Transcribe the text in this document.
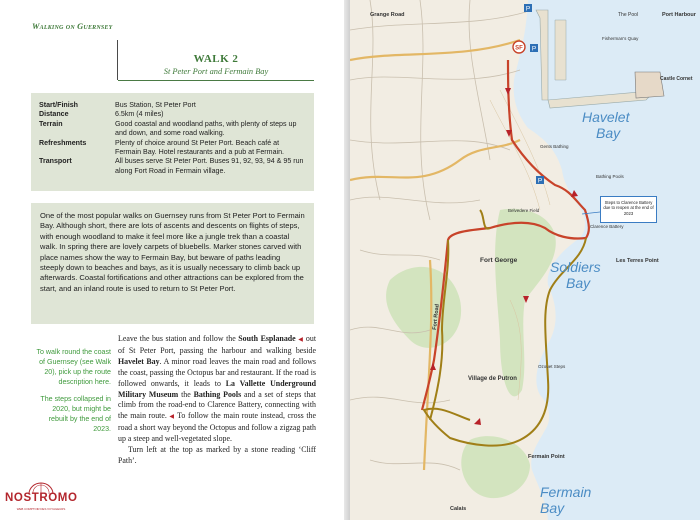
Walking on Guernsey
WALK 2
St Peter Port and Fermain Bay
Start/Finish	Bus Station, St Peter Port
Distance	6.5km (4 miles)
Terrain	Good coastal and woodland paths, with plenty of steps up and down, and some road walking.
Refreshments	Plenty of choice around St Peter Port. Beach café at Fermain Bay. Hotel restaurants and a pub at Fermain.
Transport	All buses serve St Peter Port. Buses 91, 92, 93, 94 & 95 run along Fort Road in Fermain village.
One of the most popular walks on Guernsey runs from St Peter Port to Fermain Bay. Although short, there are lots of ascents and descents on flights of steps, with enough woodland to make it feel more like a jungle trek than a coastal walk. In spring there are lovely carpets of bluebells. Marker stones carved with place names show the way to Fermain Bay, but beware of paths leading steeply down to beaches and bays, as it is usually necessary to climb back up afterwards. Coastal fortifications and other attractions can be explored from the start, and an inland route is used to return to St Peter Port.

To walk round the coast of Guernsey (see Walk 20), pick up the route description here.

The steps collapsed in 2020, but might be rebuilt by the end of 2023.

Leave the bus station and follow the South Esplanade ◀ out of St Peter Port, passing the harbour and walking beside Havelet Bay. A minor road leaves the main road and follows the coast, passing the Octopus bar and restaurant. If the road is followed onwards, it leads to La Vallette Underground Military Museum the Bathing Pools and a set of steps that climb from the road-end to Clarence Battery, connecting with the main route. ◀ To follow the main route instead, cross the road a short way beyond the Octopus and follow a zigzag path up a steep and well-vegetated slope.

Turn left at the top as marked by a stone reading ‘Cliff Path’.

NOSTROMO
WEB COMPTOIR DES VOYAGEURS
SF
P
P
P
Havelet Bay
Soldiers Bay
Fermain Bay
Fort George
Village de Putron
Les Terres Point
Fermain Point
Castle Cornet
Fort Road
Calais
Grange Road	The Pool	Port Harbour
Belvedere Field
Clarence Battery
Ozouet Steps
Bathing Pools
Gents Bathing
Fisherman's Quay
Steps to Clarence Battery due to reopen at the end of 2023
